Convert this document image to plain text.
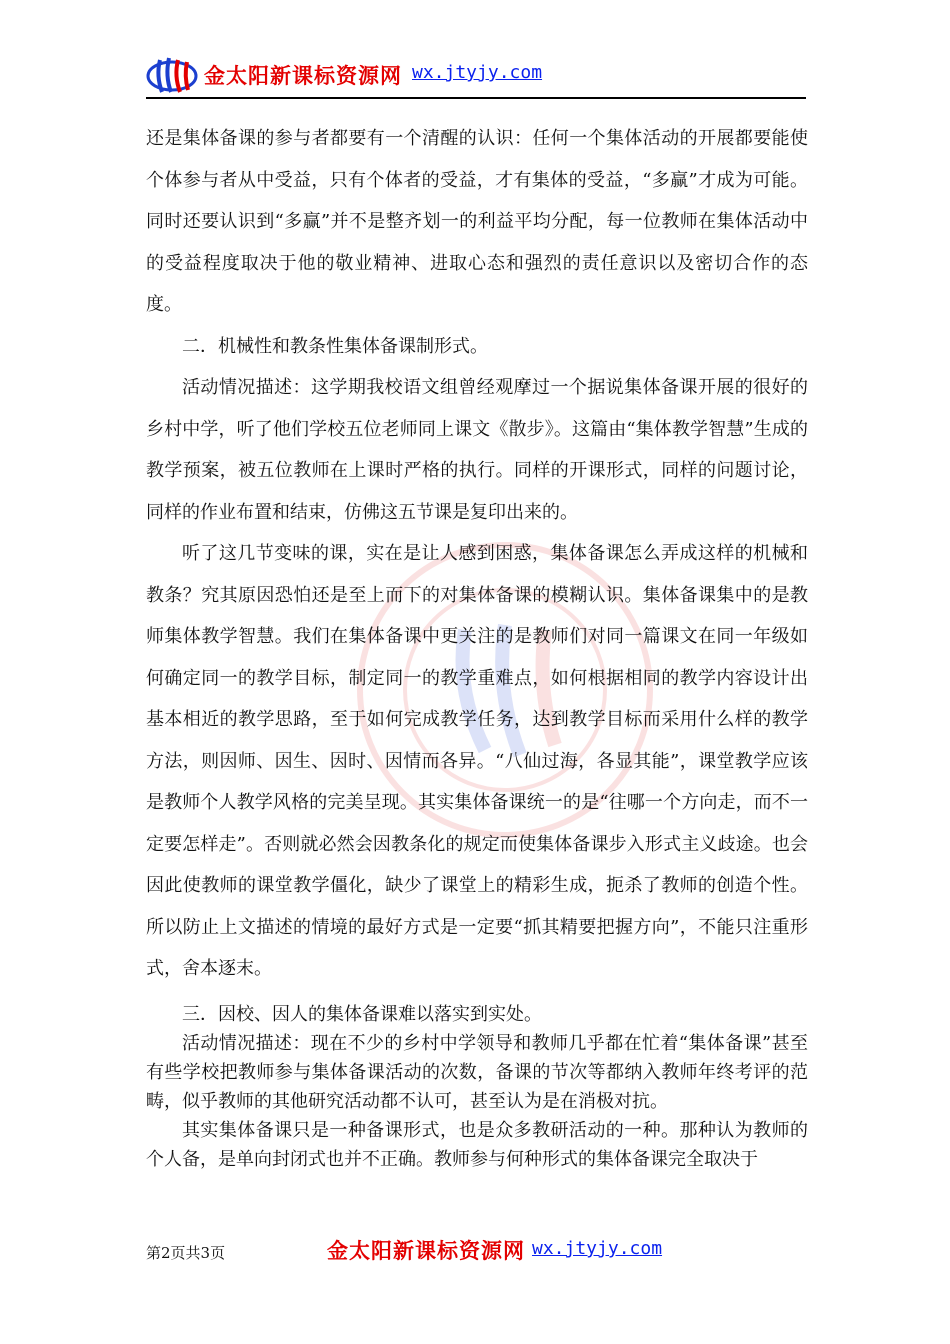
金太阳新课标资源网 wx.jtyjy.com

还是集体备课的参与者都要有一个清醒的认识：任何一个集体活动的开展都要能使个体参与者从中受益，只有个体者的受益，才有集体的受益，“多赢”才成为可能。同时还要认识到“多赢”并不是整齐划一的利益平均分配，每一位教师在集体活动中的受益程度取决于他的敬业精神、进取心态和强烈的责任意识以及密切合作的态度。

二．机械性和教条性集体备课制形式。

活动情况描述：这学期我校语文组曾经观摩过一个据说集体备课开展的很好的乡村中学，听了他们学校五位老师同上课文《散步》。这篇由“集体教学智慧”生成的教学预案，被五位教师在上课时严格的执行。同样的开课形式，同样的问题讨论，同样的作业布置和结束，仿佛这五节课是复印出来的。

听了这几节变味的课，实在是让人感到困惑，集体备课怎么弄成这样的机械和教条？究其原因恐怕还是至上而下的对集体备课的模糊认识。集体备课集中的是教师集体教学智慧。我们在集体备课中更关注的是教师们对同一篇课文在同一年级如何确定同一的教学目标，制定同一的教学重难点，如何根据相同的教学内容设计出基本相近的教学思路，至于如何完成教学任务，达到教学目标而采用什么样的教学方法，则因师、因生、因时、因情而各异。“八仙过海，各显其能”，课堂教学应该是教师个人教学风格的完美呈现。其实集体备课统一的是“往哪一个方向走，而不一定要怎样走”。否则就必然会因教条化的规定而使集体备课步入形式主义歧途。也会因此使教师的课堂教学僵化，缺少了课堂上的精彩生成，扼杀了教师的创造个性。所以防止上文描述的情境的最好方式是一定要“抓其精要把握方向”，不能只注重形式，舍本逐末。

三．因校、因人的集体备课难以落实到实处。

活动情况描述：现在不少的乡村中学领导和教师几乎都在忙着“集体备课”甚至有些学校把教师参与集体备课活动的次数，备课的节次等都纳入教师年终考评的范畴，似乎教师的其他研究活动都不认可，甚至认为是在消极对抗。

其实集体备课只是一种备课形式，也是众多教研活动的一种。那种认为教师的个人备，是单向封闭式也并不正确。教师参与何种形式的集体备课完全取决于

第2页共3页	金太阳新课标资源网 wx.jtyjy.com
